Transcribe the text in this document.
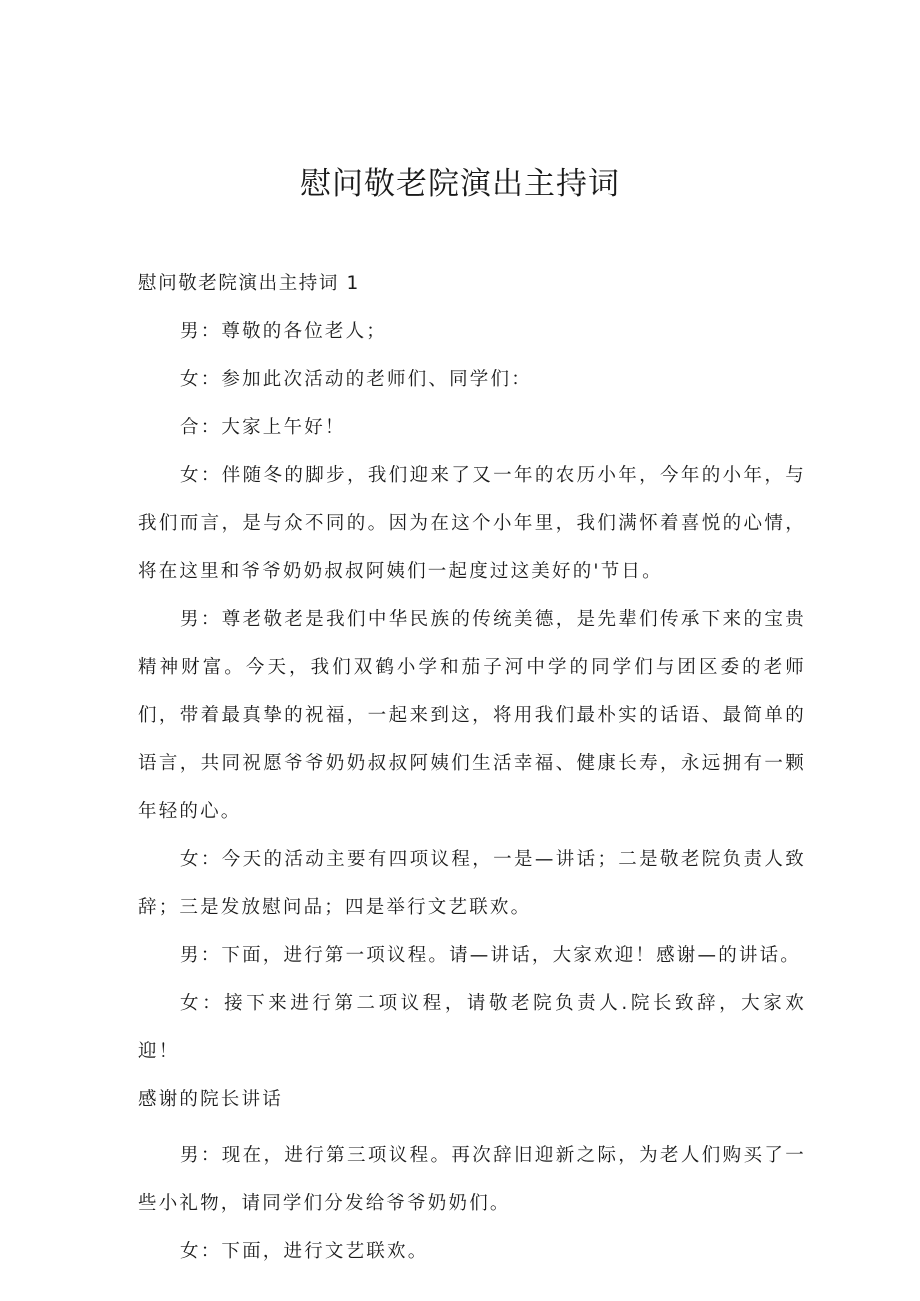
慰问敬老院演出主持词

慰问敬老院演出主持词 1

男：尊敬的各位老人；

女：参加此次活动的老师们、同学们：

合：大家上午好！

女：伴随冬的脚步，我们迎来了又一年的农历小年，今年的小年，与我们而言，是与众不同的。因为在这个小年里，我们满怀着喜悦的心情，将在这里和爷爷奶奶叔叔阿姨们一起度过这美好的'节日。

男：尊老敬老是我们中华民族的传统美德，是先辈们传承下来的宝贵精神财富。今天，我们双鹤小学和茄子河中学的同学们与团区委的老师们，带着最真挚的祝福，一起来到这，将用我们最朴实的话语、最简单的语言，共同祝愿爷爷奶奶叔叔阿姨们生活幸福、健康长寿，永远拥有一颗年轻的心。

女：今天的活动主要有四项议程，一是—讲话；二是敬老院负责人致辞；三是发放慰问品；四是举行文艺联欢。

男：下面，进行第一项议程。请—讲话，大家欢迎！感谢—的讲话。

女：接下来进行第二项议程，请敬老院负责人.院长致辞，大家欢迎！

感谢的院长讲话

男：现在，进行第三项议程。再次辞旧迎新之际，为老人们购买了一些小礼物，请同学们分发给爷爷奶奶们。

女：下面，进行文艺联欢。
